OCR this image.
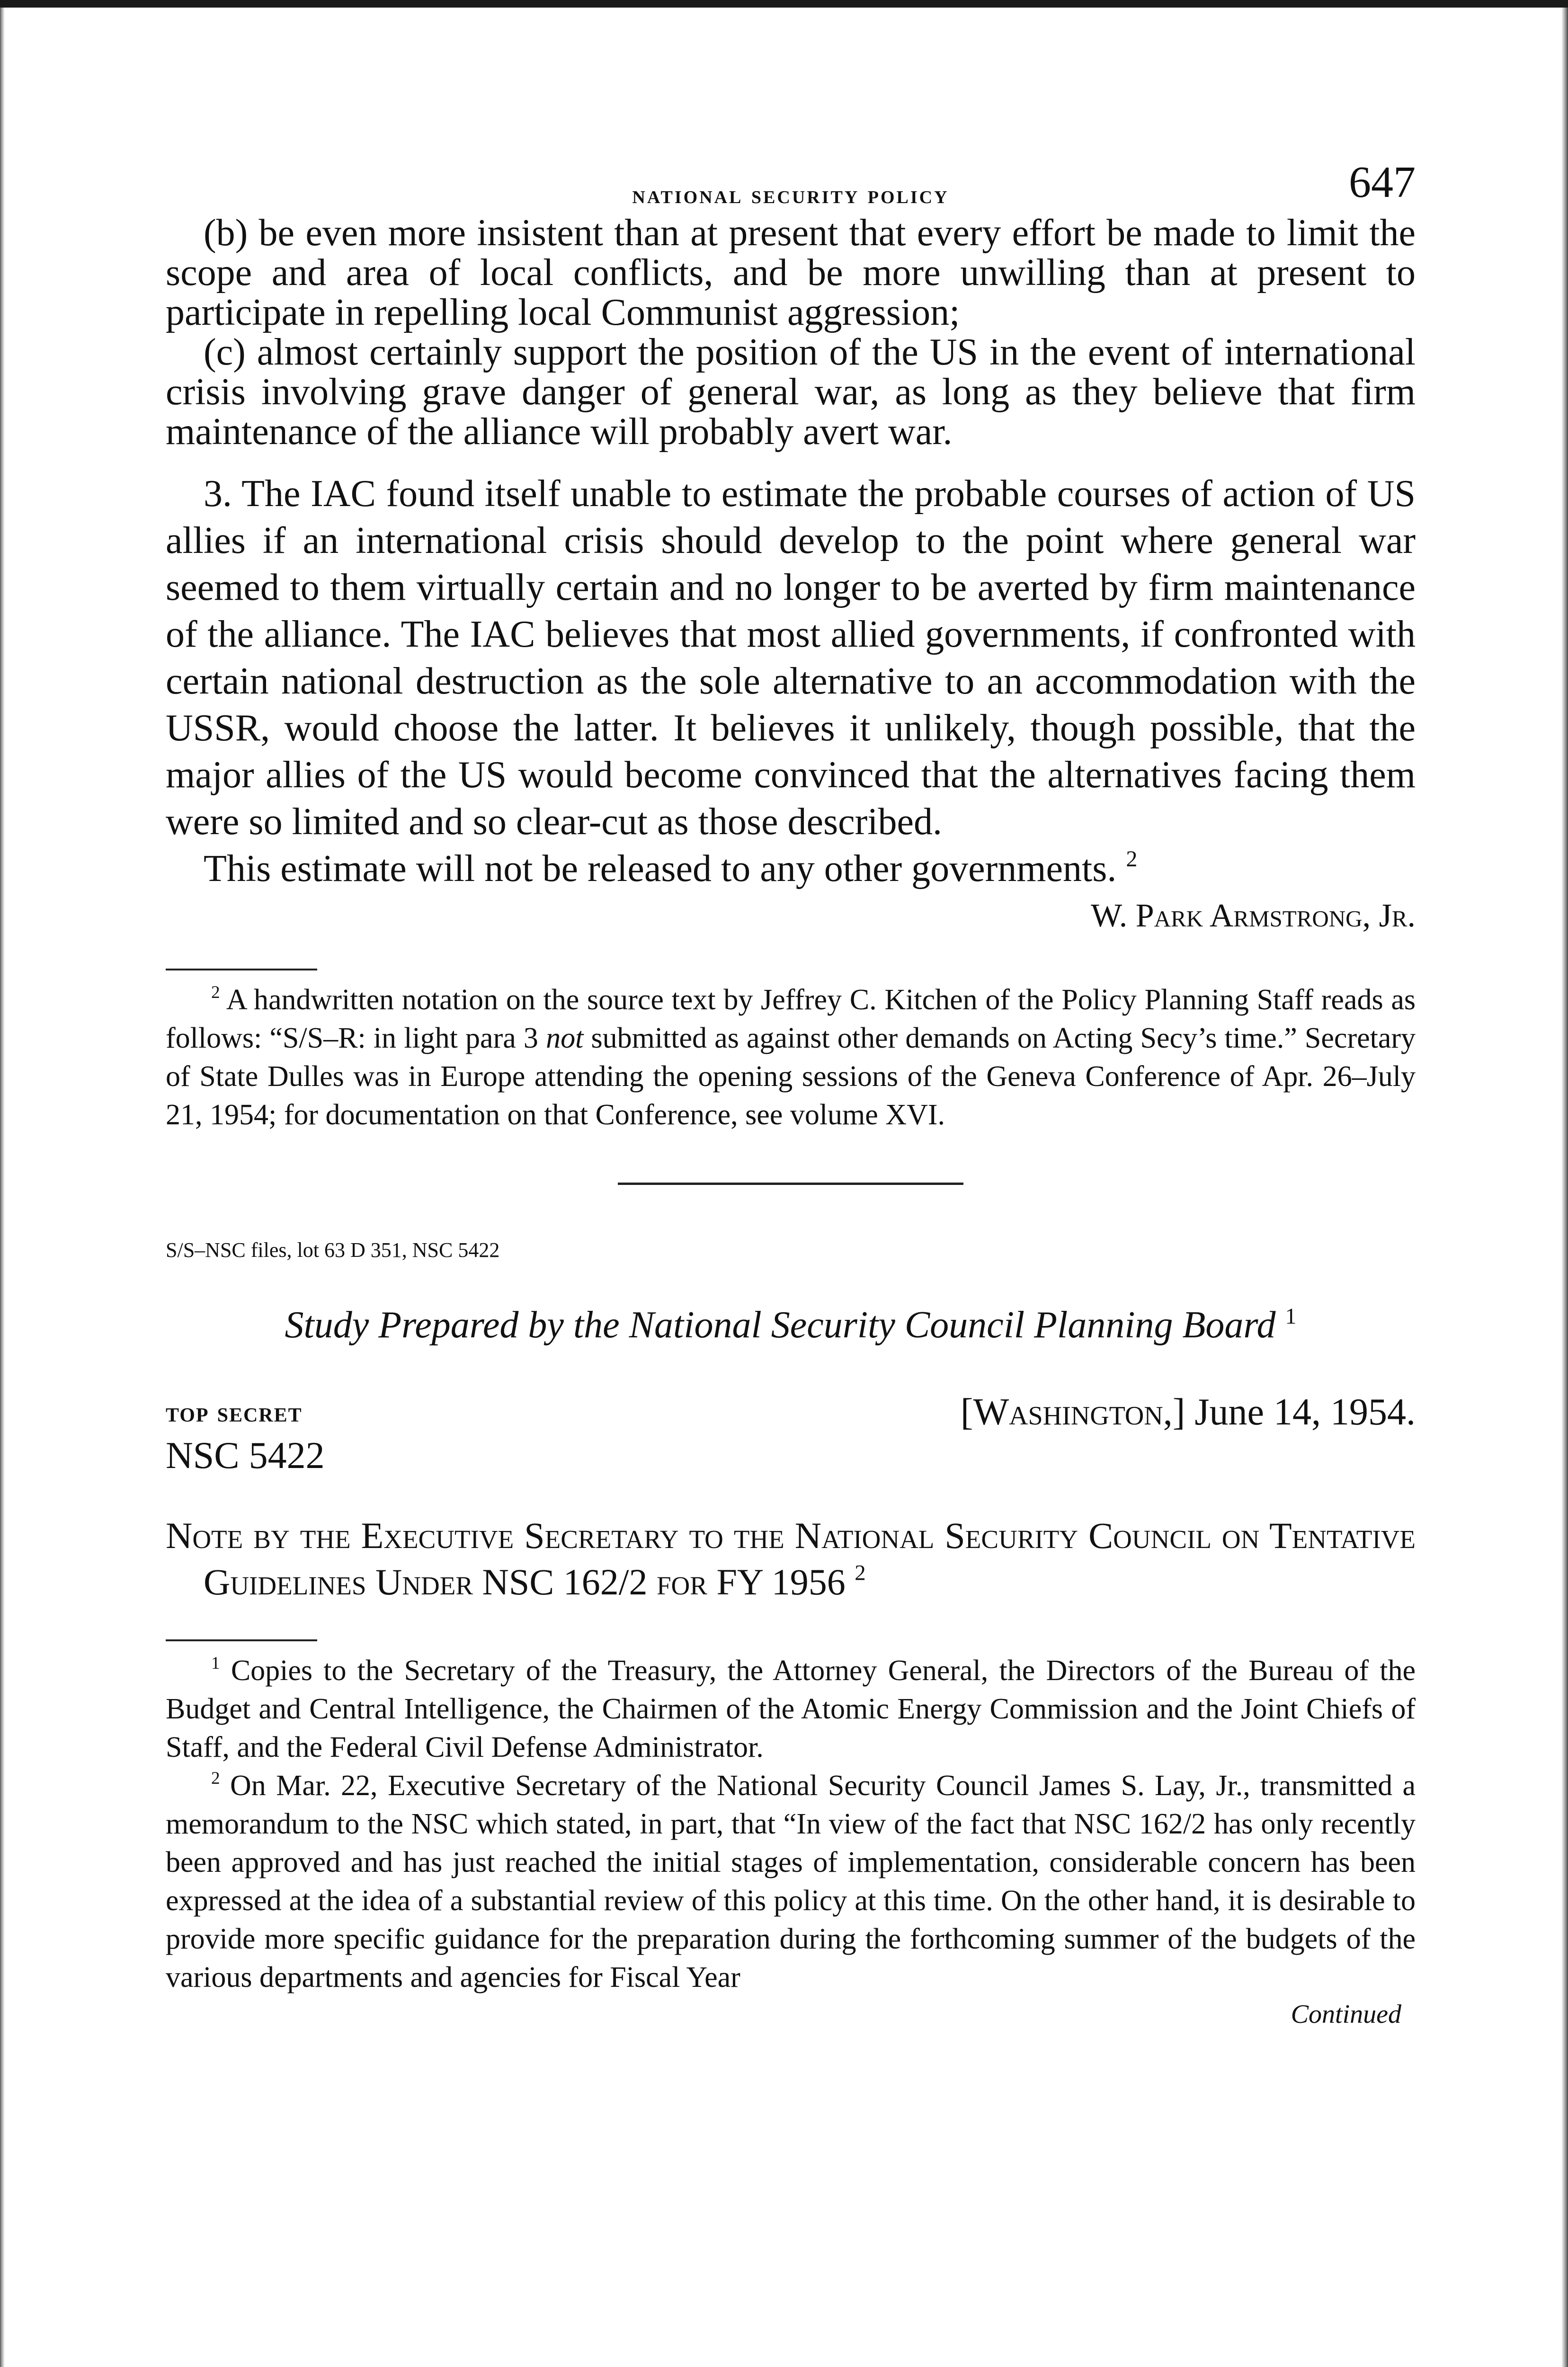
national security policy	647

(b) be even more insistent than at present that every effort be made to limit the scope and area of local conflicts, and be more unwilling than at present to participate in repelling local Communist aggression;

(c) almost certainly support the position of the US in the event of international crisis involving grave danger of general war, as long as they believe that firm maintenance of the alliance will probably avert war.

3. The IAC found itself unable to estimate the probable courses of action of US allies if an international crisis should develop to the point where general war seemed to them virtually certain and no longer to be averted by firm maintenance of the alliance. The IAC believes that most allied governments, if confronted with certain national destruction as the sole alternative to an accommodation with the USSR, would choose the latter. It believes it unlikely, though possible, that the major allies of the US would become convinced that the alternatives facing them were so limited and so clear-cut as those described.

This estimate will not be released to any other governments. $^2$

W. Park Armstrong, Jr.

$^2$ A handwritten notation on the source text by Jeffrey C. Kitchen of the Policy Planning Staff reads as follows: “S/S–R: in light para 3 not submitted as against other demands on Acting Secy’s time.” Secretary of State Dulles was in Europe attending the opening sessions of the Geneva Conference of Apr. 26–July 21, 1954; for documentation on that Conference, see volume XVI.

S/S–NSC files, lot 63 D 351, NSC 5422
Study Prepared by the National Security Council Planning Board $^1$
top secret
NSC 5422
[Washington,] June 14, 1954.
Note by the Executive Secretary to the National Security Council on Tentative Guidelines Under NSC 162/2 for FY 1956 $^2$

$^1$ Copies to the Secretary of the Treasury, the Attorney General, the Directors of the Bureau of the Budget and Central Intelligence, the Chairmen of the Atomic Energy Commission and the Joint Chiefs of Staff, and the Federal Civil Defense Administrator.

$^2$ On Mar. 22, Executive Secretary of the National Security Council James S. Lay, Jr., transmitted a memorandum to the NSC which stated, in part, that “In view of the fact that NSC 162/2 has only recently been approved and has just reached the initial stages of implementation, considerable concern has been expressed at the idea of a substantial review of this policy at this time. On the other hand, it is desirable to provide more specific guidance for the preparation during the forthcoming summer of the budgets of the various departments and agencies for Fiscal Year

Continued
